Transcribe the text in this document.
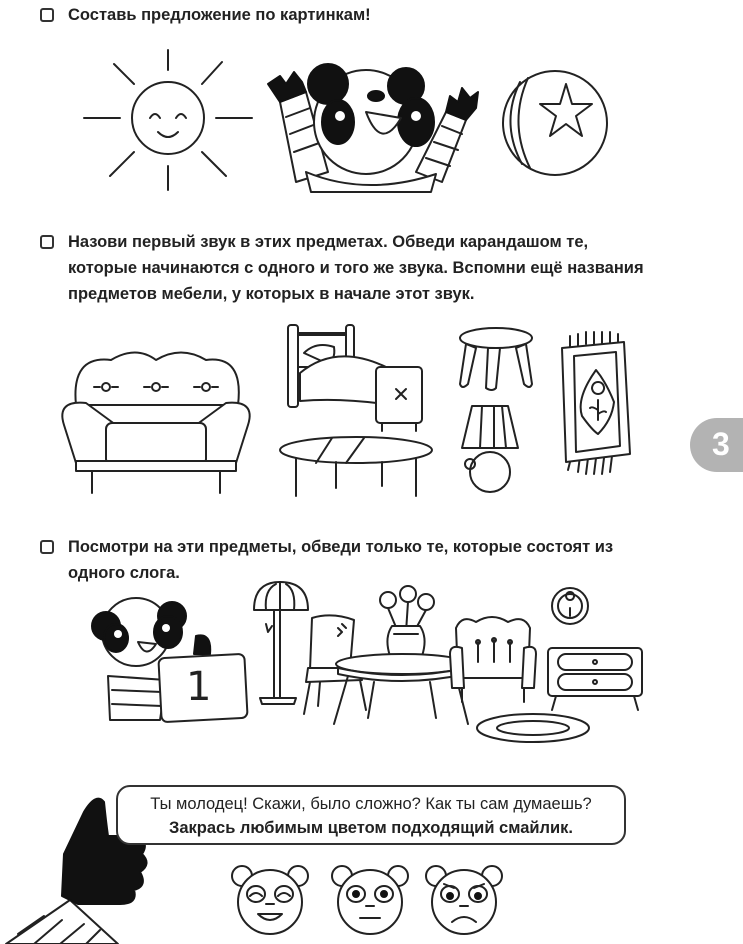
Составь предложение по картинкам!
Назови первый звук в этих предметах. Обведи карандашом те,
которые начинаются с одного и того же звука. Вспомни ещё названия
предметов мебели, у которых в начале этот звук.
3
Посмотри на эти предметы, обведи только те, которые состоят из
одного слога.
1
Ты молодец! Скажи, было сложно? Как ты сам думаешь?
Закрась любимым цветом подходящий смайлик.
